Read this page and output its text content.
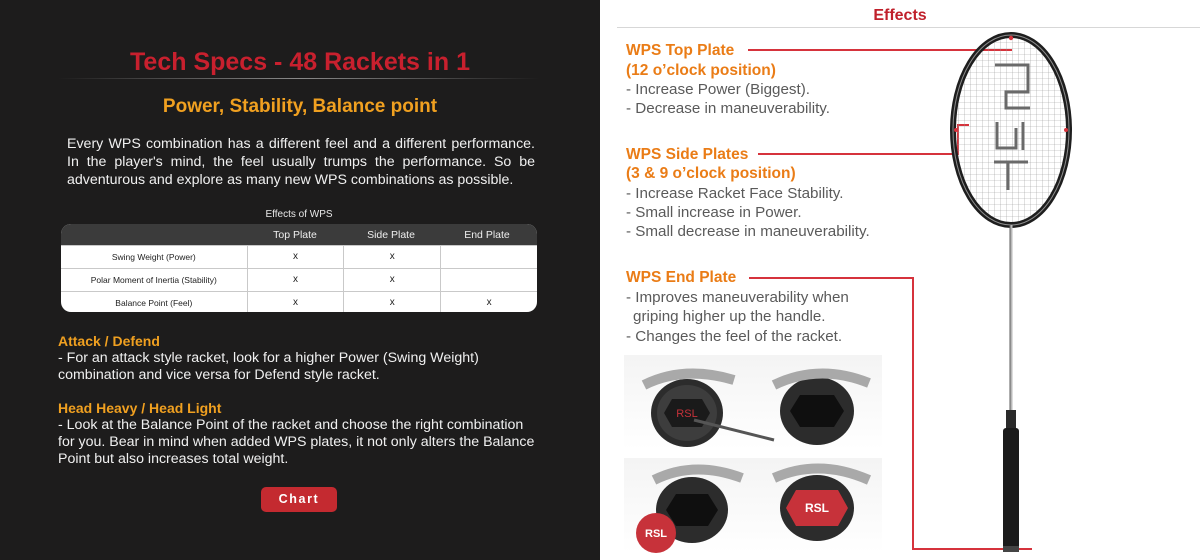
Tech Specs - 48 Rackets in 1
Power, Stability, Balance point

Every WPS combination has a different feel and a different performance. In the player's mind, the feel usually trumps the performance. So be adventurous and explore as many new WPS combinations as possible.

Effects of WPS
Top Plate	Side Plate	End Plate
Swing Weight (Power)	x	x
Polar Moment of Inertia (Stability)	x	x
Balance Point (Feel)	x	x	x
Attack / Defend

- For an attack style racket, look for a higher Power (Swing Weight) combination and vice versa for Defend style racket.

Head Heavy / Head Light

- Look at the Balance Point of the racket and choose the right combination for you. Bear in mind when added WPS plates, it not only alters the Balance Point but also increases total weight.

Chart
Effects
WPS Top Plate
(12 o’clock position)
- Increase Power (Biggest).
- Decrease in maneuverability.
WPS Side Plates
(3 & 9 o’clock position)
- Increase Racket Face Stability.
- Small increase in Power.
- Small decrease in maneuverability.
WPS End Plate
- Improves maneuverability when
griping higher up the handle.
- Changes the feel of the racket.
RSL
RSL
RSL
